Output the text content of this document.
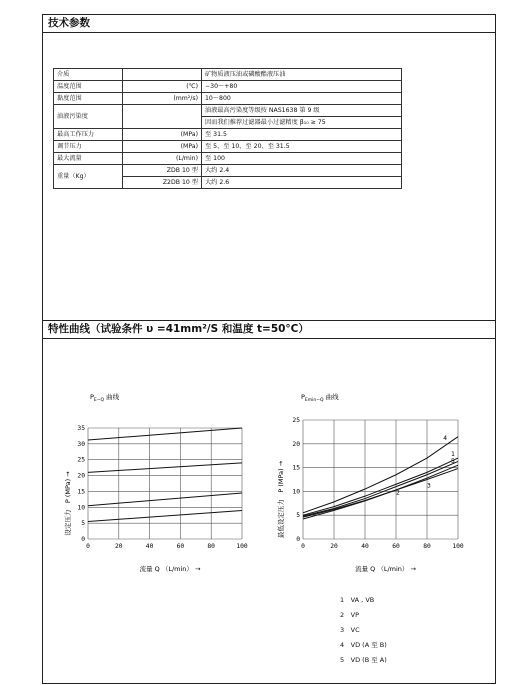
技术参数
特性曲线（试验条件 υ =41mm²/S 和温度 t=50°C）
介质		矿物质液压油或磷酸酯液压油
温度范围	(℃)	−30～+80
黏度范围	(mm²/s)	10～800
油液污染度		油液最高污染度等级按 NAS1638 第 9 级
		因而我们推荐过滤器最小过滤精度 β₁₀ ≥ 75
最高工作压力	(MPa)	至 31.5
调节压力	(MPa)	至 5、至 10、至 20、至 31.5
最大流量	(L/min)	至 100
重量（Kg）	ZDB 10 型	大约 2.4
	Z2DB 10 型	大约 2.6
0	20	40	60	80	100
0
5
10
15
20
25
30
35
$P_{E-Q}$ 曲线
流量 Q （L/min） →
设定压力　P (MPa) →
0	20	40	60	80	100
0
5
10
15
20
25
1
2
3
4
5
$P_{Emin-Q}$ 曲线
流量 Q （L/min） →
最低设定压力　P (MPa) →
1　 VA , VB
2　 VP
3　 VC
4　 VD (A 至 B)
5　 VD (B 至 A)
